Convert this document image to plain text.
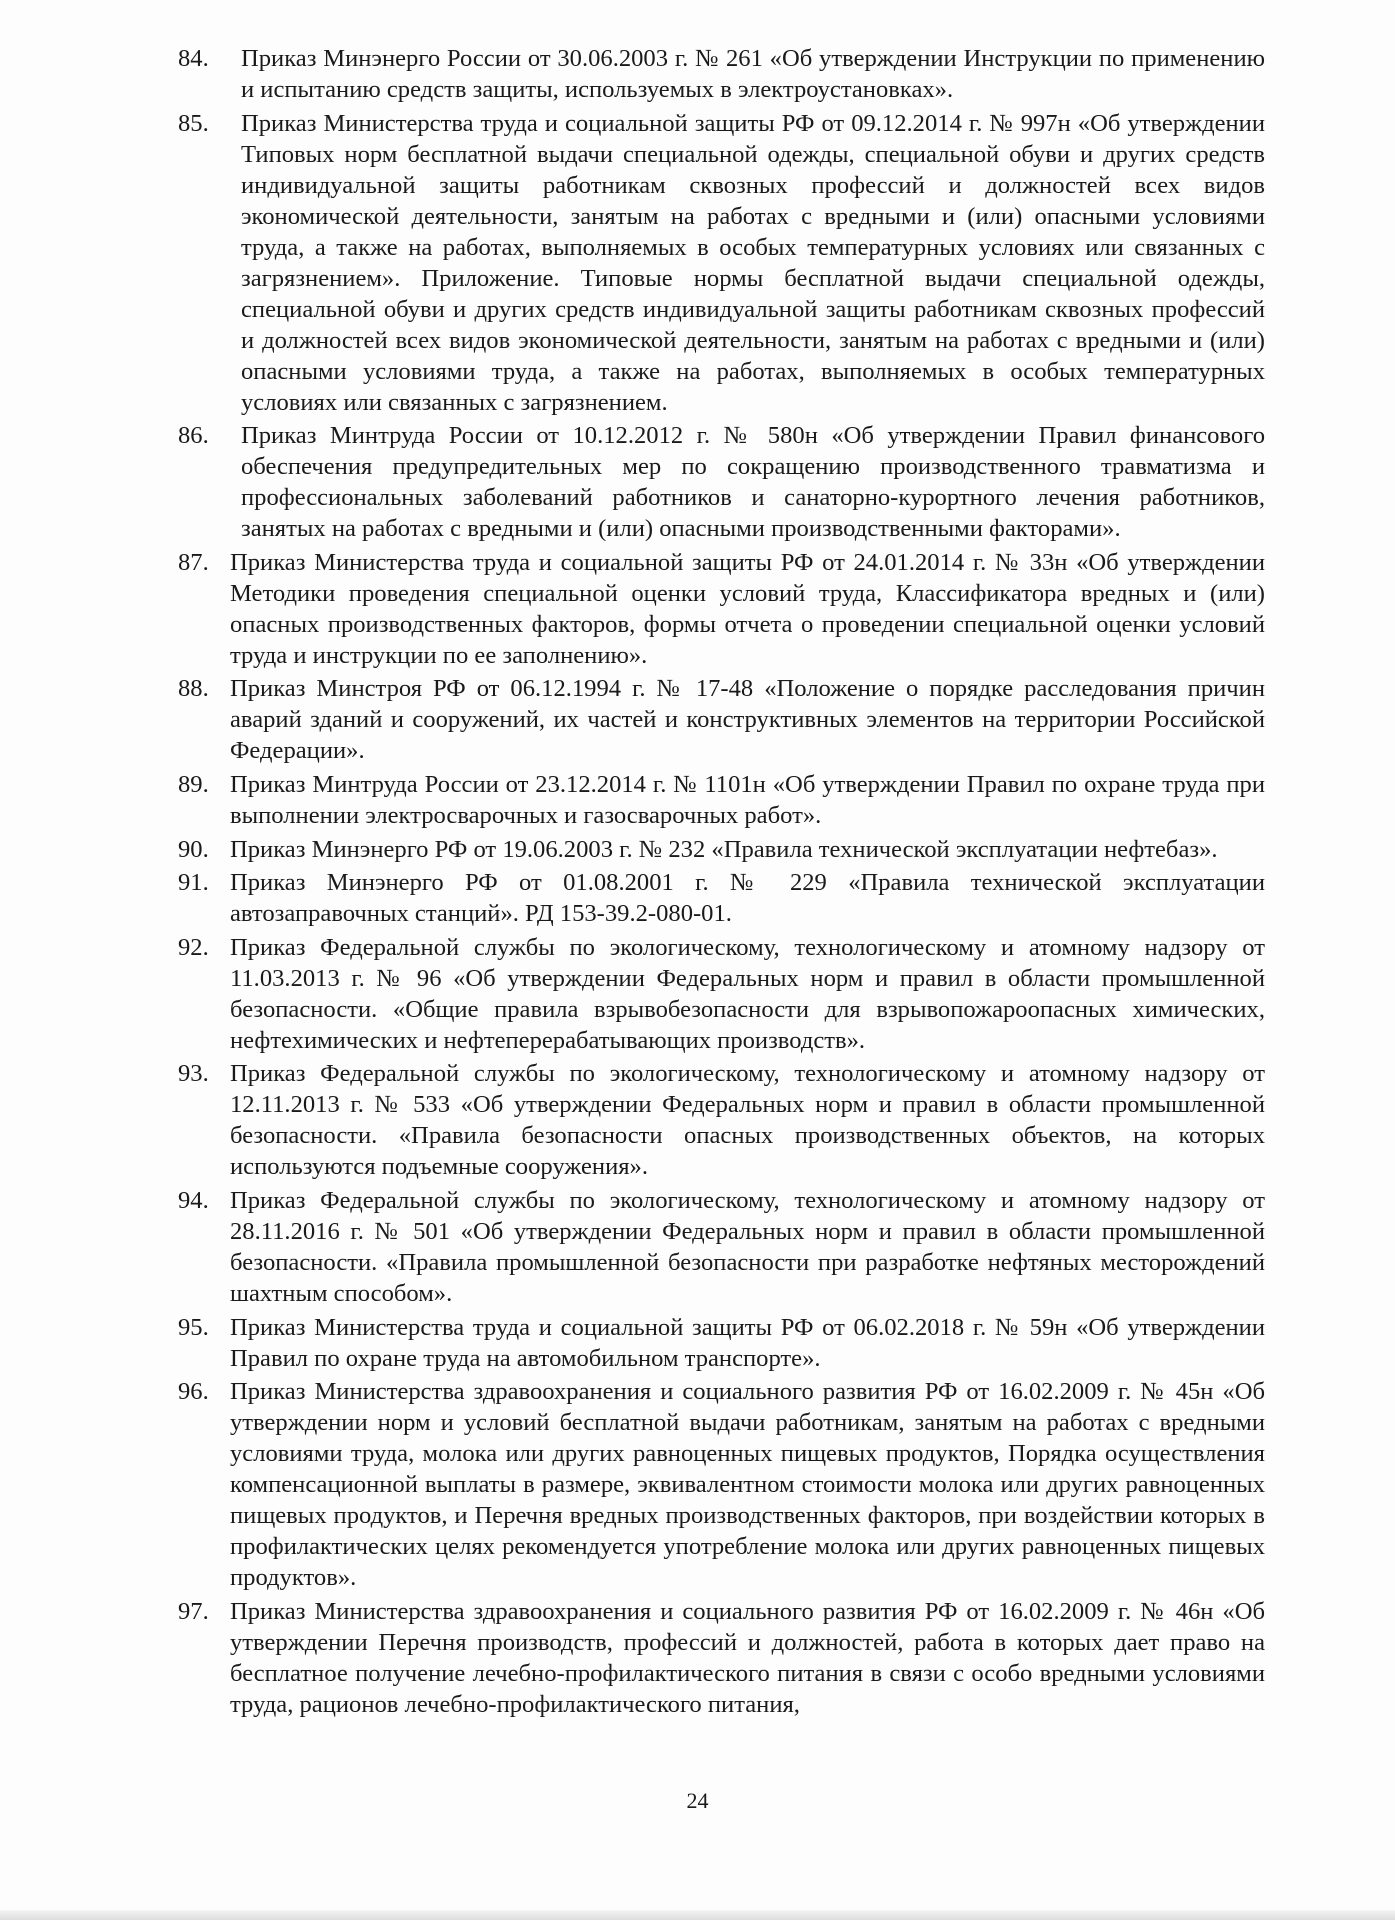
84. Приказ Минэнерго России от 30.06.2003 г. № 261 «Об утверждении Инструкции по применению и испытанию средств защиты, используемых в электроустановках».
85. Приказ Министерства труда и социальной защиты РФ от 09.12.2014 г. № 997н «Об утверждении Типовых норм бесплатной выдачи специальной одежды, специальной обуви и других средств индивидуальной защиты работникам сквозных профессий и должностей всех видов экономической деятельности, занятым на работах с вредными и (или) опасными условиями труда, а также на работах, выполняемых в особых температурных условиях или связанных с загрязнением». Приложение. Типовые нормы бесплатной выдачи специальной одежды, специальной обуви и других средств индивидуальной защиты работникам сквозных профессий и должностей всех видов экономической деятельности, занятым на работах с вредными и (или) опасными условиями труда, а также на работах, выполняемых в особых температурных условиях или связанных с загрязнением.
86. Приказ Минтруда России от 10.12.2012 г. № 580н «Об утверждении Правил финансового обеспечения предупредительных мер по сокращению производственного травматизма и профессиональных заболеваний работников и санаторно-курортного лечения работников, занятых на работах с вредными и (или) опасными производственными факторами».
87. Приказ Министерства труда и социальной защиты РФ от 24.01.2014 г. № 33н «Об утверждении Методики проведения специальной оценки условий труда, Классификатора вредных и (или) опасных производственных факторов, формы отчета о проведении специальной оценки условий труда и инструкции по ее заполнению».
88. Приказ Минстроя РФ от 06.12.1994 г. № 17-48 «Положение о порядке расследования причин аварий зданий и сооружений, их частей и конструктивных элементов на территории Российской Федерации».
89. Приказ Минтруда России от 23.12.2014 г. № 1101н «Об утверждении Правил по охране труда при выполнении электросварочных и газосварочных работ».
90. Приказ Минэнерго РФ от 19.06.2003 г. № 232 «Правила технической эксплуатации нефтебаз».
91. Приказ Минэнерго РФ от 01.08.2001 г. № 229 «Правила технической эксплуатации автозаправочных станций». РД 153-39.2-080-01.
92. Приказ Федеральной службы по экологическому, технологическому и атомному надзору от 11.03.2013 г. № 96 «Об утверждении Федеральных норм и правил в области промышленной безопасности. «Общие правила взрывобезопасности для взрывопожароопасных химических, нефтехимических и нефтеперерабатывающих производств».
93. Приказ Федеральной службы по экологическому, технологическому и атомному надзору от 12.11.2013 г. № 533 «Об утверждении Федеральных норм и правил в области промышленной безопасности. «Правила безопасности опасных производственных объектов, на которых используются подъемные сооружения».
94. Приказ Федеральной службы по экологическому, технологическому и атомному надзору от 28.11.2016 г. № 501 «Об утверждении Федеральных норм и правил в области промышленной безопасности. «Правила промышленной безопасности при разработке нефтяных месторождений шахтным способом».
95. Приказ Министерства труда и социальной защиты РФ от 06.02.2018 г. № 59н «Об утверждении Правил по охране труда на автомобильном транспорте».
96. Приказ Министерства здравоохранения и социального развития РФ от 16.02.2009 г. № 45н «Об утверждении норм и условий бесплатной выдачи работникам, занятым на работах с вредными условиями труда, молока или других равноценных пищевых продуктов, Порядка осуществления компенсационной выплаты в размере, эквивалентном стоимости молока или других равноценных пищевых продуктов, и Перечня вредных производственных факторов, при воздействии которых в профилактических целях рекомендуется употребление молока или других равноценных пищевых продуктов».
97. Приказ Министерства здравоохранения и социального развития РФ от 16.02.2009 г. № 46н «Об утверждении Перечня производств, профессий и должностей, работа в которых дает право на бесплатное получение лечебно-профилактического питания в связи с особо вредными условиями труда, рационов лечебно-профилактического питания,
24
